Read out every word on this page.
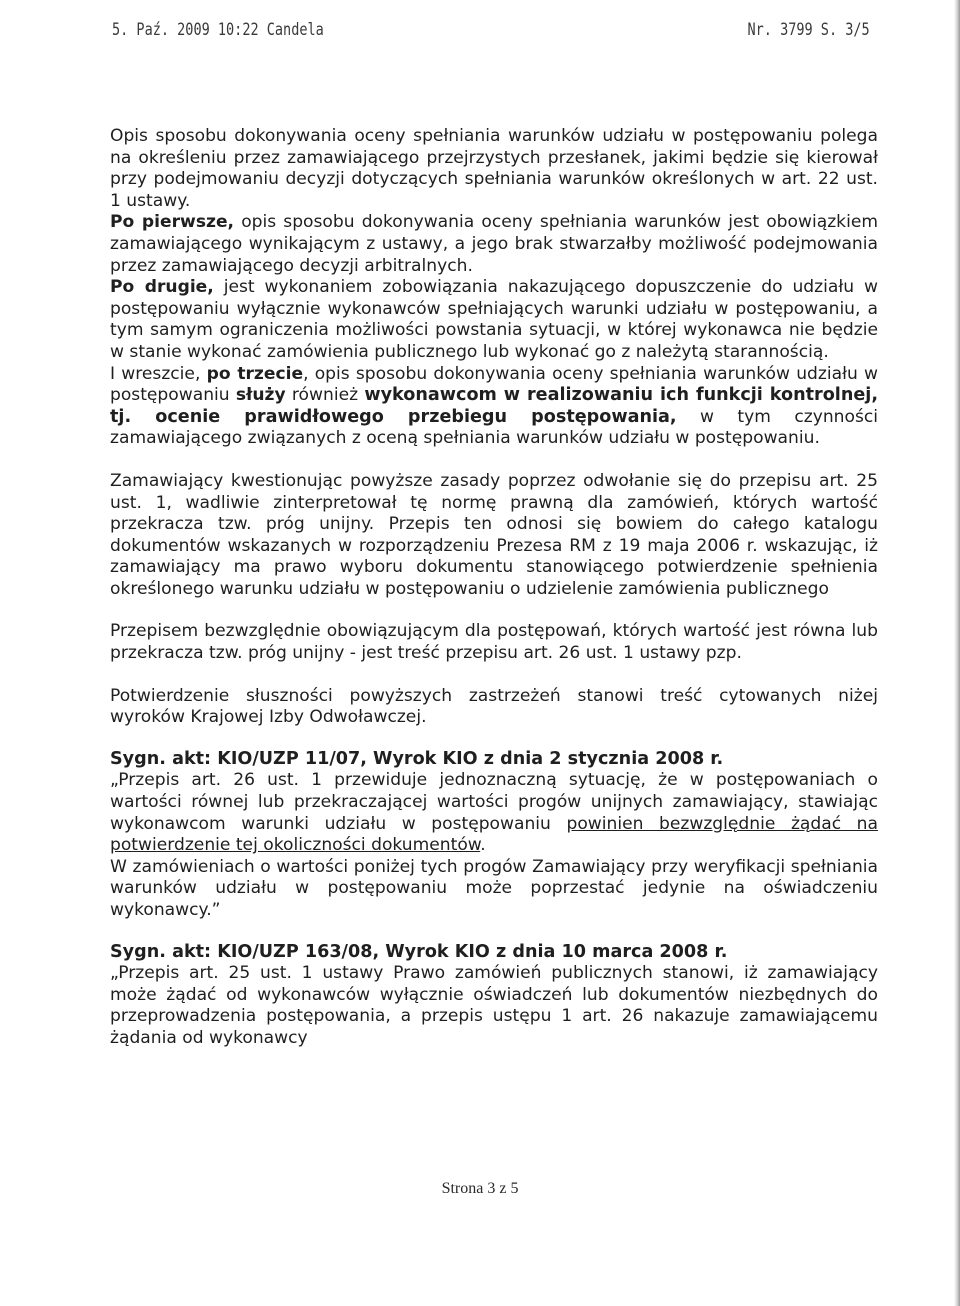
5. Paź. 2009 10:22 Candela	Nr. 3799 S. 3/5

Opis sposobu dokonywania oceny spełniania warunków udziału w postępowaniu polega na określeniu przez zamawiającego przejrzystych przesłanek, jakimi będzie się kierował przy podejmowaniu decyzji dotyczących spełniania warunków określonych w art. 22 ust. 1 ustawy.

Po pierwsze, opis sposobu dokonywania oceny spełniania warunków jest obowiązkiem zamawiającego wynikającym z ustawy, a jego brak stwarzałby możliwość podejmowania przez zamawiającego decyzji arbitralnych.

Po drugie, jest wykonaniem zobowiązania nakazującego dopuszczenie do udziału w postępowaniu wyłącznie wykonawców spełniających warunki udziału w postępowaniu, a tym samym ograniczenia możliwości powstania sytuacji, w której wykonawca nie będzie w stanie wykonać zamówienia publicznego lub wykonać go z należytą starannością.

I wreszcie, po trzecie, opis sposobu dokonywania oceny spełniania warunków udziału w postępowaniu służy również wykonawcom w realizowaniu ich funkcji kontrolnej, tj. ocenie prawidłowego przebiegu postępowania, w tym czynności zamawiającego związanych z oceną spełniania warunków udziału w postępowaniu.

Zamawiający kwestionując powyższe zasady poprzez odwołanie się do przepisu art. 25 ust. 1, wadliwie zinterpretował tę normę prawną dla zamówień, których wartość przekracza tzw. próg unijny. Przepis ten odnosi się bowiem do całego katalogu dokumentów wskazanych w rozporządzeniu Prezesa RM z 19 maja 2006 r. wskazując, iż zamawiający ma prawo wyboru dokumentu stanowiącego potwierdzenie spełnienia określonego warunku udziału w postępowaniu o udzielenie zamówienia publicznego

Przepisem bezwzględnie obowiązującym dla postępowań, których wartość jest równa lub przekracza tzw. próg unijny - jest treść przepisu art. 26 ust. 1 ustawy pzp.

Potwierdzenie słuszności powyższych zastrzeżeń stanowi treść cytowanych niżej wyroków Krajowej Izby Odwoławczej.

Sygn. akt: KIO/UZP 11/07, Wyrok KIO z dnia 2 stycznia 2008 r.

„Przepis art. 26 ust. 1 przewiduje jednoznaczną sytuację, że w postępowaniach o wartości równej lub przekraczającej wartości progów unijnych zamawiający, stawiając wykonawcom warunki udziału w postępowaniu powinien bezwzględnie żądać na potwierdzenie tej okoliczności dokumentów.

W zamówieniach o wartości poniżej tych progów Zamawiający przy weryfikacji spełniania warunków udziału w postępowaniu może poprzestać jedynie na oświadczeniu wykonawcy.”

Sygn. akt: KIO/UZP 163/08, Wyrok KIO z dnia 10 marca 2008 r.

„Przepis art. 25 ust. 1 ustawy Prawo zamówień publicznych stanowi, iż zamawiający może żądać od wykonawców wyłącznie oświadczeń lub dokumentów niezbędnych do przeprowadzenia postępowania, a przepis ustępu 1 art. 26 nakazuje zamawiającemu żądania od wykonawcy

Strona 3 z 5
